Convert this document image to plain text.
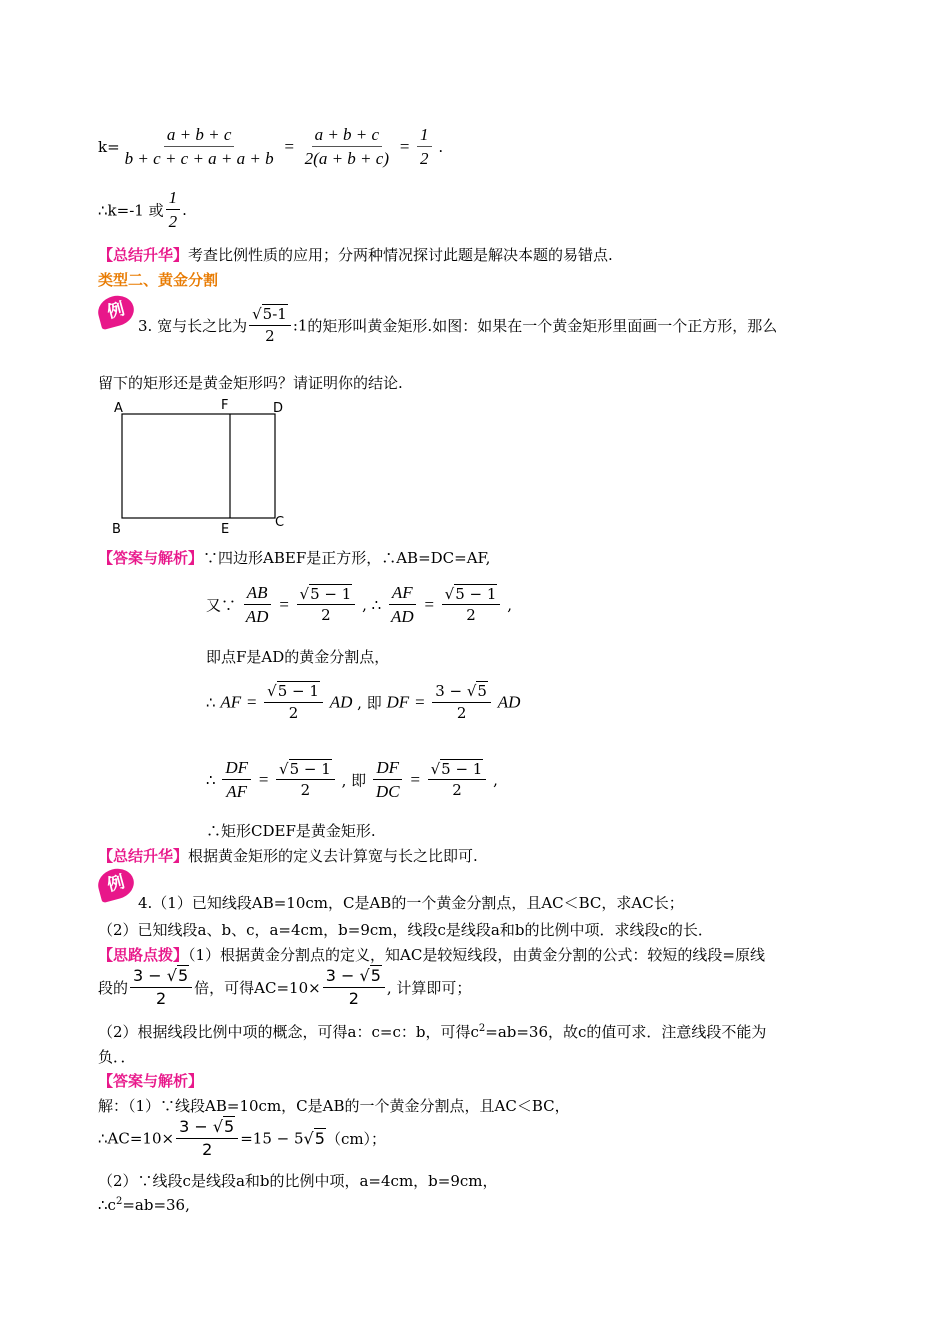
$k= \frac{a + b + c}{b + c + c + a + a + b} = \frac{a + b + c}{2(a + b + c)} = \frac{1}{2}$ .
∴k=-1 或 $\frac{1}{2}$ .
【总结升华】考查比例性质的应用；分两种情况探讨此题是解决本题的易错点.
类型二、黄金分割
例
3. 宽与长之比为 $\frac{√5-1}{2}$ :1的矩形叫黄金矩形.如图：如果在一个黄金矩形里面画一个正方形，那么
留下的矩形还是黄金矩形吗？请证明你的结论.
A	F	D
B	E	C
【答案与解析】∵四边形ABEF是正方形，∴AB=DC=AF,
又∵ $\frac{AB}{AD} = \frac{√5 - 1}{2}$ , ∴ $\frac{AF}{AD} = \frac{√5 - 1}{2}$ ,
即点F是AD的黄金分割点，
∴ AF = $\frac{√5 - 1}{2}$ AD , 即 DF = $\frac{3 - √5}{2}$ AD
∴ $\frac{DF}{AF} = \frac{√5 - 1}{2}$ , 即 $\frac{DF}{DC} = \frac{√5 - 1}{2}$ ,
∴矩形CDEF是黄金矩形.
【总结升华】根据黄金矩形的定义去计算宽与长之比即可.
例
4.（1）已知线段AB=10cm，C是AB的一个黄金分割点，且AC＜BC，求AC长；
（2）已知线段a、b、c，a=4cm，b=9cm，线段c是线段a和b的比例中项．求线段c的长．
【思路点拨】（1）根据黄金分割点的定义，知AC是较短线段，由黄金分割的公式：较短的线段=原线
段的 $\frac{3 - √5}{2}$ 倍，可得$AC=10\times \frac{3 - √5}{2}$ , 计算即可；
（2）根据线段比例中项的概念，可得a：c=c：b，可得$c^2=ab=36$，故c的值可求．注意线段不能为
负．．
【答案与解析】
解：（1）∵线段AB=10cm，C是AB的一个黄金分割点，且AC＜BC，
∴AC=10× $\frac{3 - √5}{2} =15 - 5√5(cm)$；
（2）∵线段c是线段a和b的比例中项，a=4cm，b=9cm，
$\therefore c^2=ab=36$,
